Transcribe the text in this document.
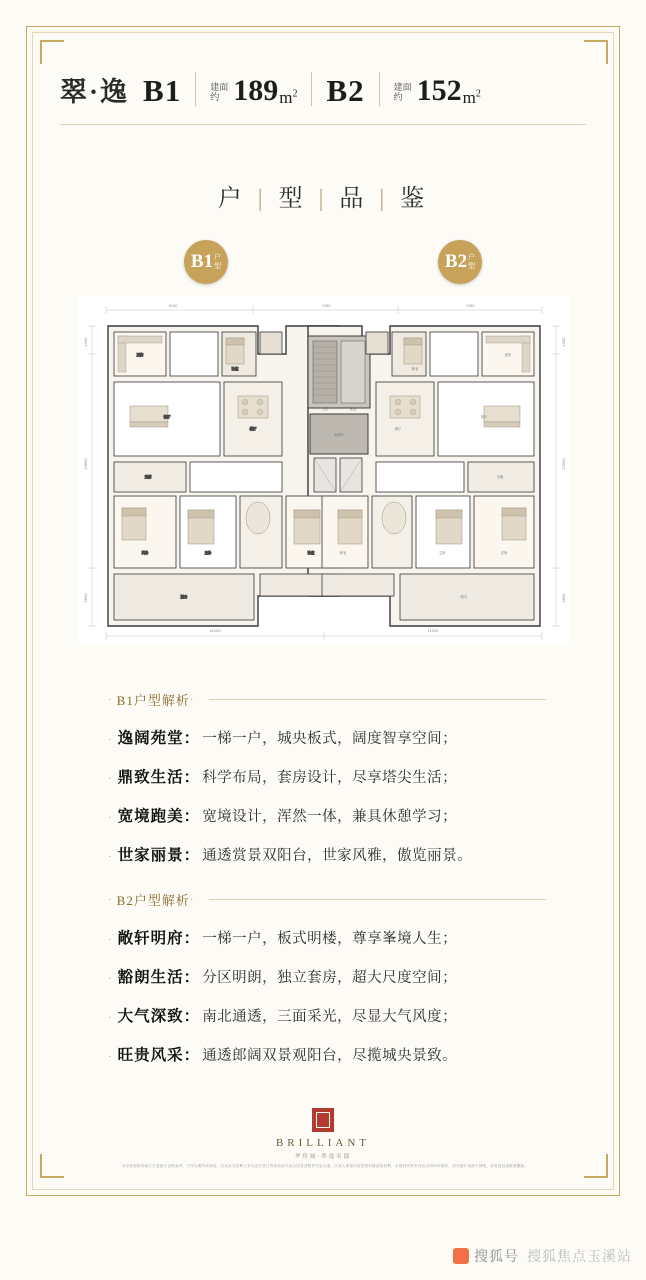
翠·逸 B1	建面约 189 $m^2$ B2	建面约 152 $m^2$
户 | 型 | 品 | 鉴
B1 户
型	B2 户
型
9100	7450	7450
1300
13800
2500
1300
12000
2900
12100	11200
电梯厅
公区	前室
阳台
走廊
客厅
餐厅
厨房
卧室
次卧	主卧	卧室
阳台
走廊
客厅
餐厅
厨房
卧室
次卧
主卧
卧室
· B1户型解析 ·
· 逸阔苑堂： 一梯一户，城央板式，阔度智享空间；
· 鼎致生活： 科学布局，套房设计，尽享塔尖生活；
· 宽境跑美： 宽境设计，浑然一体，兼具休憩学习；
· 世家丽景： 通透赏景双阳台，世家风雅，傲览丽景。
· B2户型解析 ·
· 敞轩明府： 一梯一户，板式明楼，尊享峯境人生；
· 豁朗生活： 分区明朗，独立套房，超大尺度空间；
· 大气深致： 南北通透，三面采光，尽显大气风度；
· 旺贵风采： 通透郎阔双景观阳台，尽揽城央景致。
BRILLIANT
华侨城·翠逸名邸
本宣传资料所载文字及图片仅供参考，不作为要约或承诺，买卖双方权利义务以双方签订的商品房买卖合同及其附件约定为准，出卖人保留对宣传资料修改的权利，本资料所发布内容为2024年制作，部分图片来源于网络，如有侵权请联系删除。
搜狐号 搜狐焦点玉溪站
